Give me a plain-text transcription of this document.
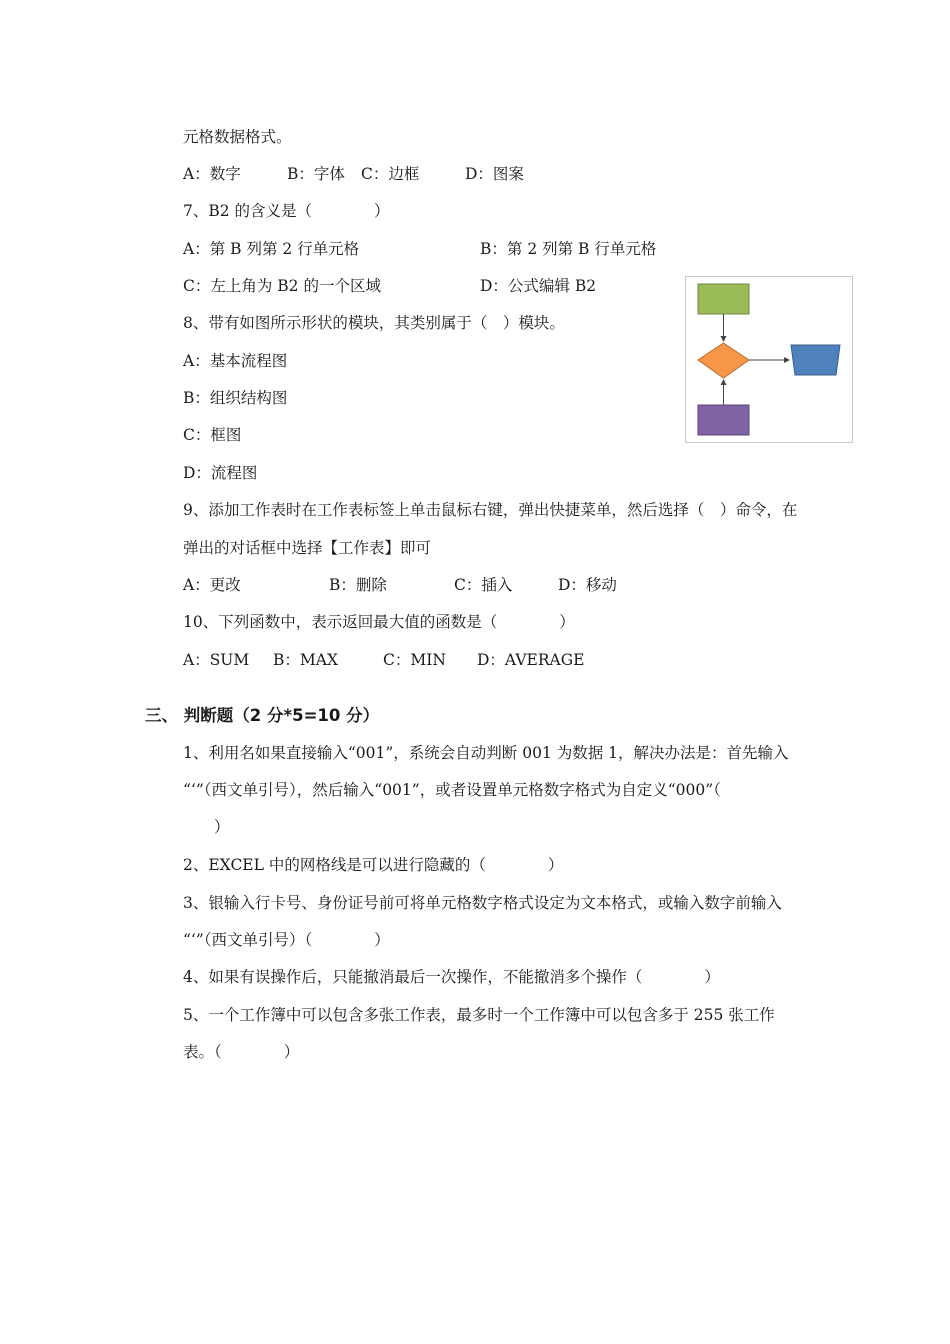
元格数据格式。
A：数字	B：字体 C：边框	D：图案
7、B2 的含义是（　　　　）
A：第 B 列第 2 行单元格	B：第 2 列第 B 行单元格
C：左上角为 B2 的一个区域	D：公式编辑 B2
8、带有如图所示形状的模块，其类别属于（　）模块。
A：基本流程图
B：组织结构图
C：框图
D：流程图
9、添加工作表时在工作表标签上单击鼠标右键，弹出快捷菜单，然后选择（　）命令，在
弹出的对话框中选择【工作表】即可
A：更改	B：删除	C：插入	D：移动
10、下列函数中，表示返回最大值的函数是（　　　　）
A：SUM B：MAX	C：MIN D：AVERAGE
三、 判断题（2 分*5=10 分）
1、利用名如果直接输入“001”，系统会自动判断 001 为数据 1，解决办法是：首先输入
“‘”（西文单引号），然后输入“001”，或者设置单元格数字格式为自定义“000”（
　　）
2、EXCEL 中的网格线是可以进行隐藏的（　　　　）
3、银输入行卡号、身份证号前可将单元格数字格式设定为文本格式，或输入数字前输入
“‘”（西文单引号）（　　　　）
4、如果有误操作后，只能撤消最后一次操作，不能撤消多个操作（　　　　）
5、一个工作簿中可以包含多张工作表，最多时一个工作簿中可以包含多于 255 张工作
表。（　　　　）
